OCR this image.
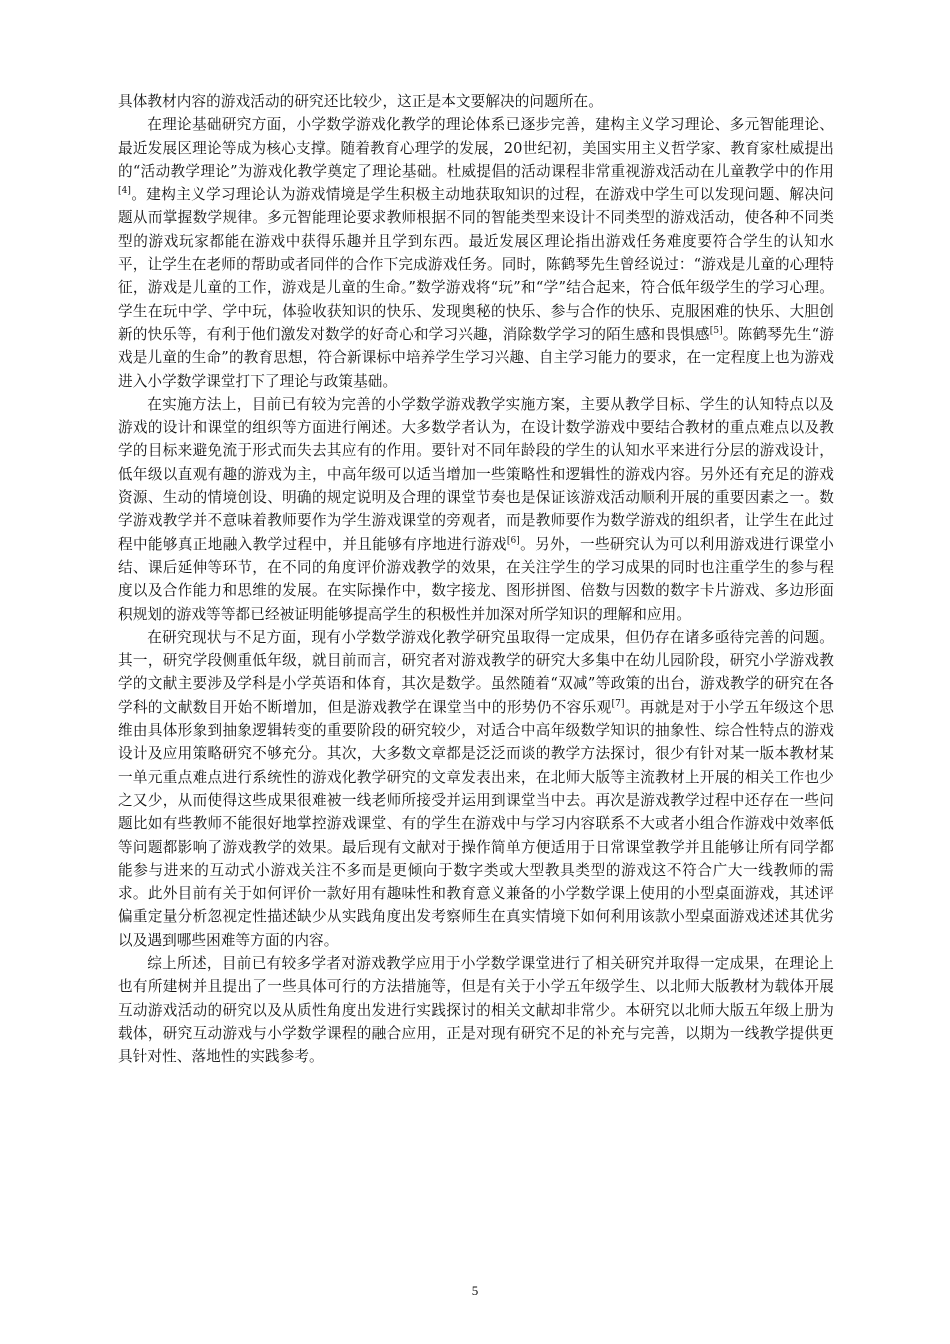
具体教材内容的游戏活动的研究还比较少，这正是本文要解决的问题所在。

在理论基础研究方面，小学数学游戏化教学的理论体系已逐步完善，建构主义学习理论、多元智能理论、最近发展区理论等成为核心支撑。随着教育心理学的发展，20世纪初，美国实用主义哲学家、教育家杜威提出的“活动教学理论”为游戏化教学奠定了理论基础。杜威提倡的活动课程非常重视游戏活动在儿童教学中的作用[4]。建构主义学习理论认为游戏情境是学生积极主动地获取知识的过程，在游戏中学生可以发现问题、解决问题从而掌握数学规律。多元智能理论要求教师根据不同的智能类型来设计不同类型的游戏活动，使各种不同类型的游戏玩家都能在游戏中获得乐趣并且学到东西。最近发展区理论指出游戏任务难度要符合学生的认知水平，让学生在老师的帮助或者同伴的合作下完成游戏任务。同时，陈鹤琴先生曾经说过：“游戏是儿童的心理特征，游戏是儿童的工作，游戏是儿童的生命。”数学游戏将“玩”和“学”结合起来，符合低年级学生的学习心理。学生在玩中学、学中玩，体验收获知识的快乐、发现奥秘的快乐、参与合作的快乐、克服困难的快乐、大胆创新的快乐等，有利于他们激发对数学的好奇心和学习兴趣，消除数学学习的陌生感和畏惧感[5]。陈鹤琴先生“游戏是儿童的生命”的教育思想，符合新课标中培养学生学习兴趣、自主学习能力的要求，在一定程度上也为游戏进入小学数学课堂打下了理论与政策基础。

在实施方法上，目前已有较为完善的小学数学游戏教学实施方案，主要从教学目标、学生的认知特点以及游戏的设计和课堂的组织等方面进行阐述。大多数学者认为，在设计数学游戏中要结合教材的重点难点以及教学的目标来避免流于形式而失去其应有的作用。要针对不同年龄段的学生的认知水平来进行分层的游戏设计，低年级以直观有趣的游戏为主，中高年级可以适当增加一些策略性和逻辑性的游戏内容。另外还有充足的游戏资源、生动的情境创设、明确的规定说明及合理的课堂节奏也是保证该游戏活动顺利开展的重要因素之一。数学游戏教学并不意味着教师要作为学生游戏课堂的旁观者，而是教师要作为数学游戏的组织者，让学生在此过程中能够真正地融入教学过程中，并且能够有序地进行游戏[6]。另外，一些研究认为可以利用游戏进行课堂小结、课后延伸等环节，在不同的角度评价游戏教学的效果，在关注学生的学习成果的同时也注重学生的参与程度以及合作能力和思维的发展。在实际操作中，数字接龙、图形拼图、倍数与因数的数字卡片游戏、多边形面积规划的游戏等等都已经被证明能够提高学生的积极性并加深对所学知识的理解和应用。

在研究现状与不足方面，现有小学数学游戏化教学研究虽取得一定成果，但仍存在诸多亟待完善的问题。其一，研究学段侧重低年级，就目前而言，研究者对游戏教学的研究大多集中在幼儿园阶段，研究小学游戏教学的文献主要涉及学科是小学英语和体育，其次是数学。虽然随着“双减”等政策的出台，游戏教学的研究在各学科的文献数目开始不断增加，但是游戏教学在课堂当中的形势仍不容乐观[7]。再就是对于小学五年级这个思维由具体形象到抽象逻辑转变的重要阶段的研究较少，对适合中高年级数学知识的抽象性、综合性特点的游戏设计及应用策略研究不够充分。其次，大多数文章都是泛泛而谈的教学方法探讨，很少有针对某一版本教材某一单元重点难点进行系统性的游戏化教学研究的文章发表出来，在北师大版等主流教材上开展的相关工作也少之又少，从而使得这些成果很难被一线老师所接受并运用到课堂当中去。再次是游戏教学过程中还存在一些问题比如有些教师不能很好地掌控游戏课堂、有的学生在游戏中与学习内容联系不大或者小组合作游戏中效率低等问题都影响了游戏教学的效果。最后现有文献对于操作简单方便适用于日常课堂教学并且能够让所有同学都能参与进来的互动式小游戏关注不多而是更倾向于数字类或大型教具类型的游戏这不符合广大一线教师的需求。此外目前有关于如何评价一款好用有趣味性和教育意义兼备的小学数学课上使用的小型桌面游戏，其述评偏重定量分析忽视定性描述缺少从实践角度出发考察师生在真实情境下如何利用该款小型桌面游戏述述其优劣以及遇到哪些困难等方面的内容。

综上所述，目前已有较多学者对游戏教学应用于小学数学课堂进行了相关研究并取得一定成果，在理论上也有所建树并且提出了一些具体可行的方法措施等，但是有关于小学五年级学生、以北师大版教材为载体开展互动游戏活动的研究以及从质性角度出发进行实践探讨的相关文献却非常少。本研究以北师大版五年级上册为载体，研究互动游戏与小学数学课程的融合应用，正是对现有研究不足的补充与完善，以期为一线教学提供更具针对性、落地性的实践参考。

5
